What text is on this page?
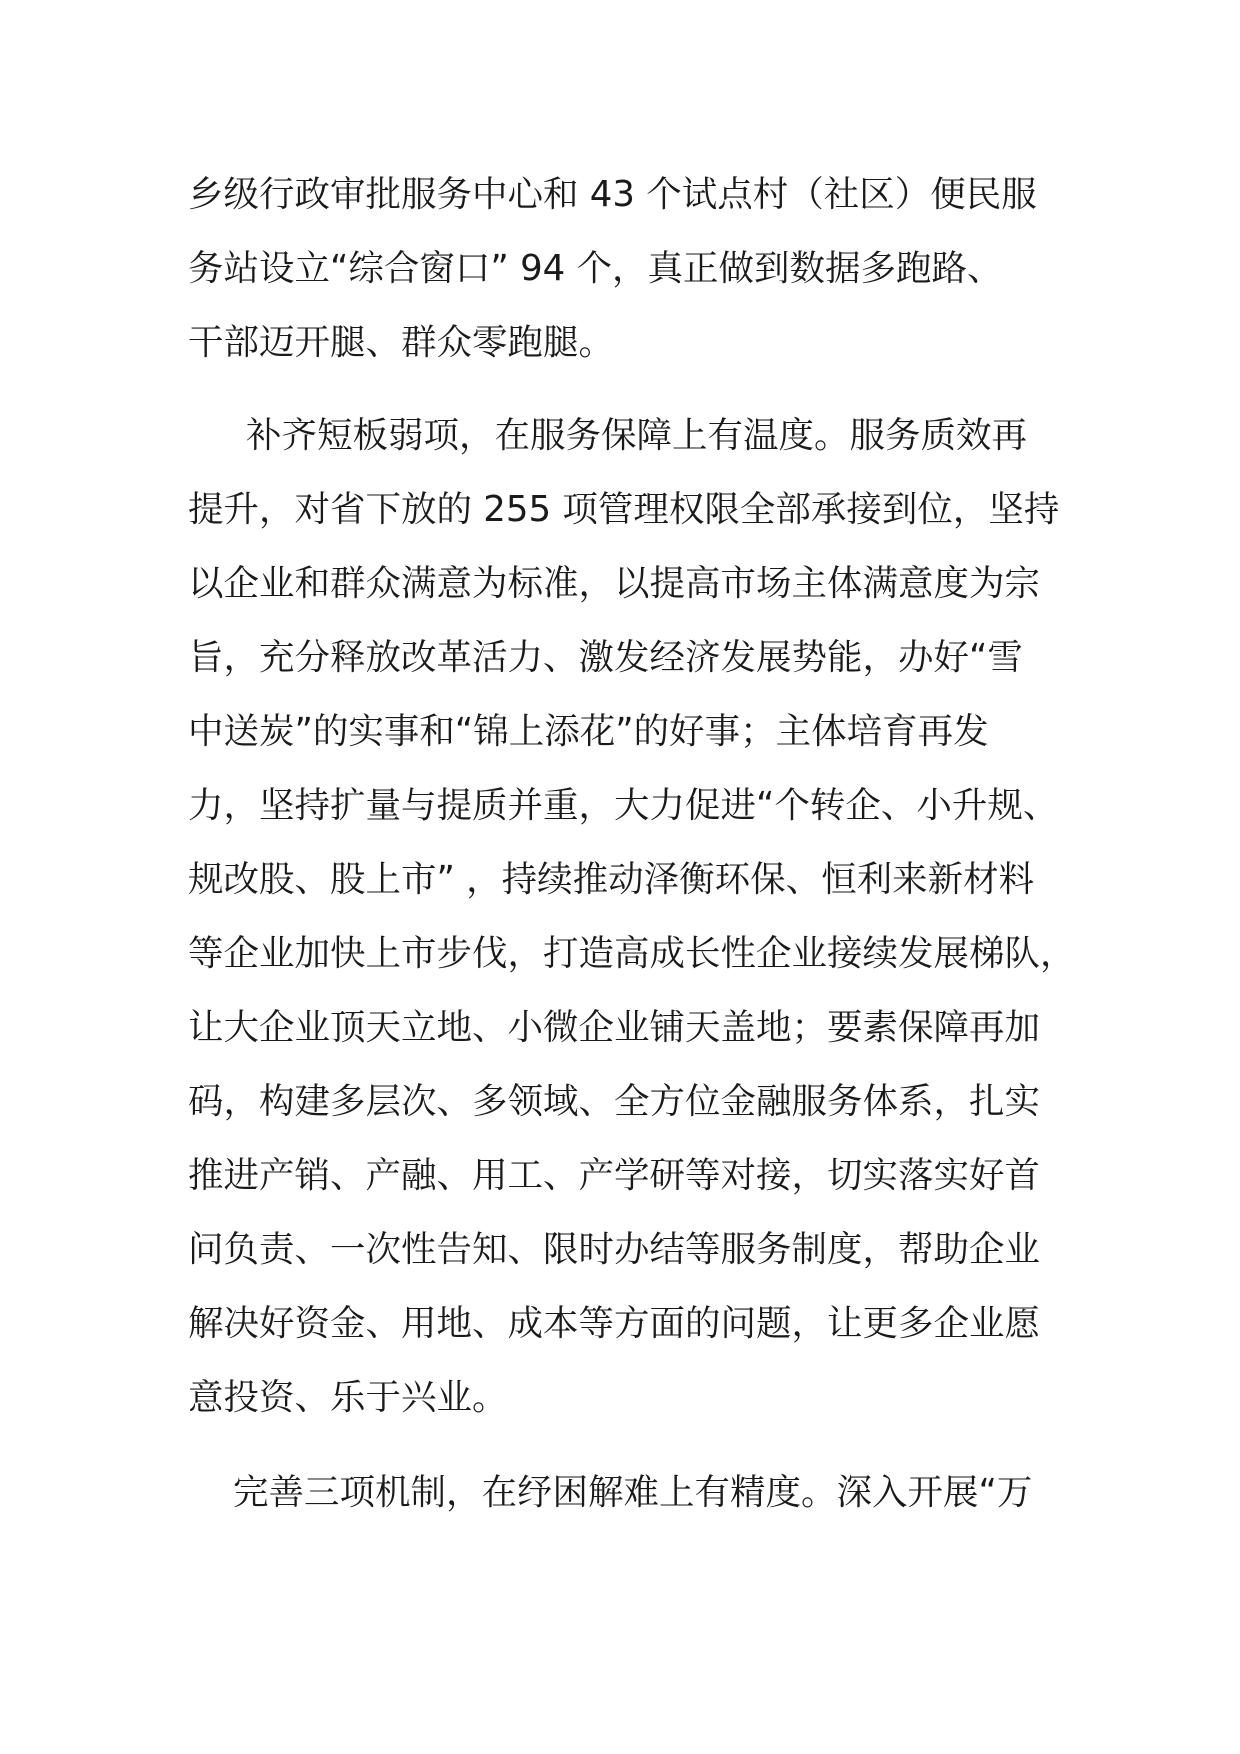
乡级行政审批服务中心和 43 个试点村（社区）便民服

务站设立“综合窗口” 94 个，真正做到数据多跑路、

干部迈开腿、群众零跑腿。

补齐短板弱项，在服务保障上有温度。服务质效再

提升，对省下放的 255 项管理权限全部承接到位，坚持

以企业和群众满意为标准，以提高市场主体满意度为宗

旨，充分释放改革活力、激发经济发展势能，办好“雪

中送炭”的实事和“锦上添花”的好事；主体培育再发

力，坚持扩量与提质并重，大力促进“个转企、小升规、

规改股、股上市” ，持续推动泽衡环保、恒利来新材料

等企业加快上市步伐，打造高成长性企业接续发展梯队，

让大企业顶天立地、小微企业铺天盖地；要素保障再加

码，构建多层次、多领域、全方位金融服务体系，扎实

推进产销、产融、用工、产学研等对接，切实落实好首

问负责、一次性告知、限时办结等服务制度，帮助企业

解决好资金、用地、成本等方面的问题，让更多企业愿

意投资、乐于兴业。

完善三项机制，在纾困解难上有精度。深入开展“万
